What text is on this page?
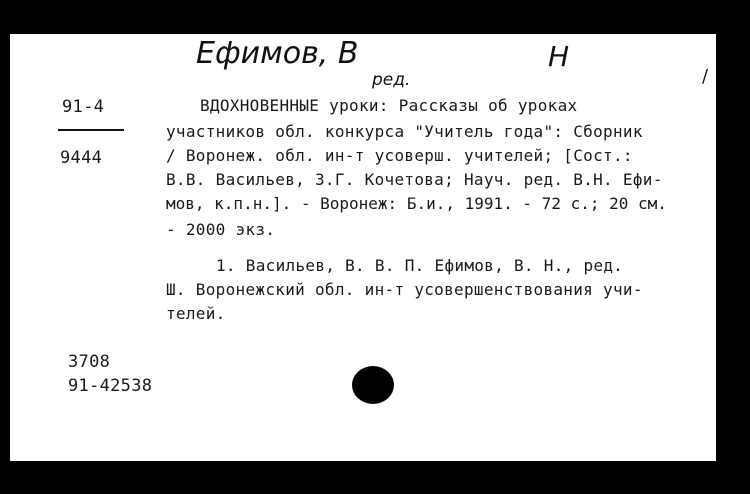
Ефимов, В	Н
ред.	/
91-4
9444
ВДОХНОВЕННЫЕ уроки: Рассказы об уроках
участников обл. конкурса "Учитель года": Сборник
/ Воронеж. обл. ин-т усоверш. учителей; [Сост.:
В.В. Васильев, З.Г. Кочетова; Науч. ред. В.Н. Ефи-
мов, к.п.н.]. - Воронеж: Б.и., 1991. - 72 с.; 20 см.
- 2000 экз.
1. Васильев, В. В. П. Ефимов, В. Н., ред.
Ш. Воронежский обл. ин-т усовершенствования учи-
телей.
3708
91-42538
